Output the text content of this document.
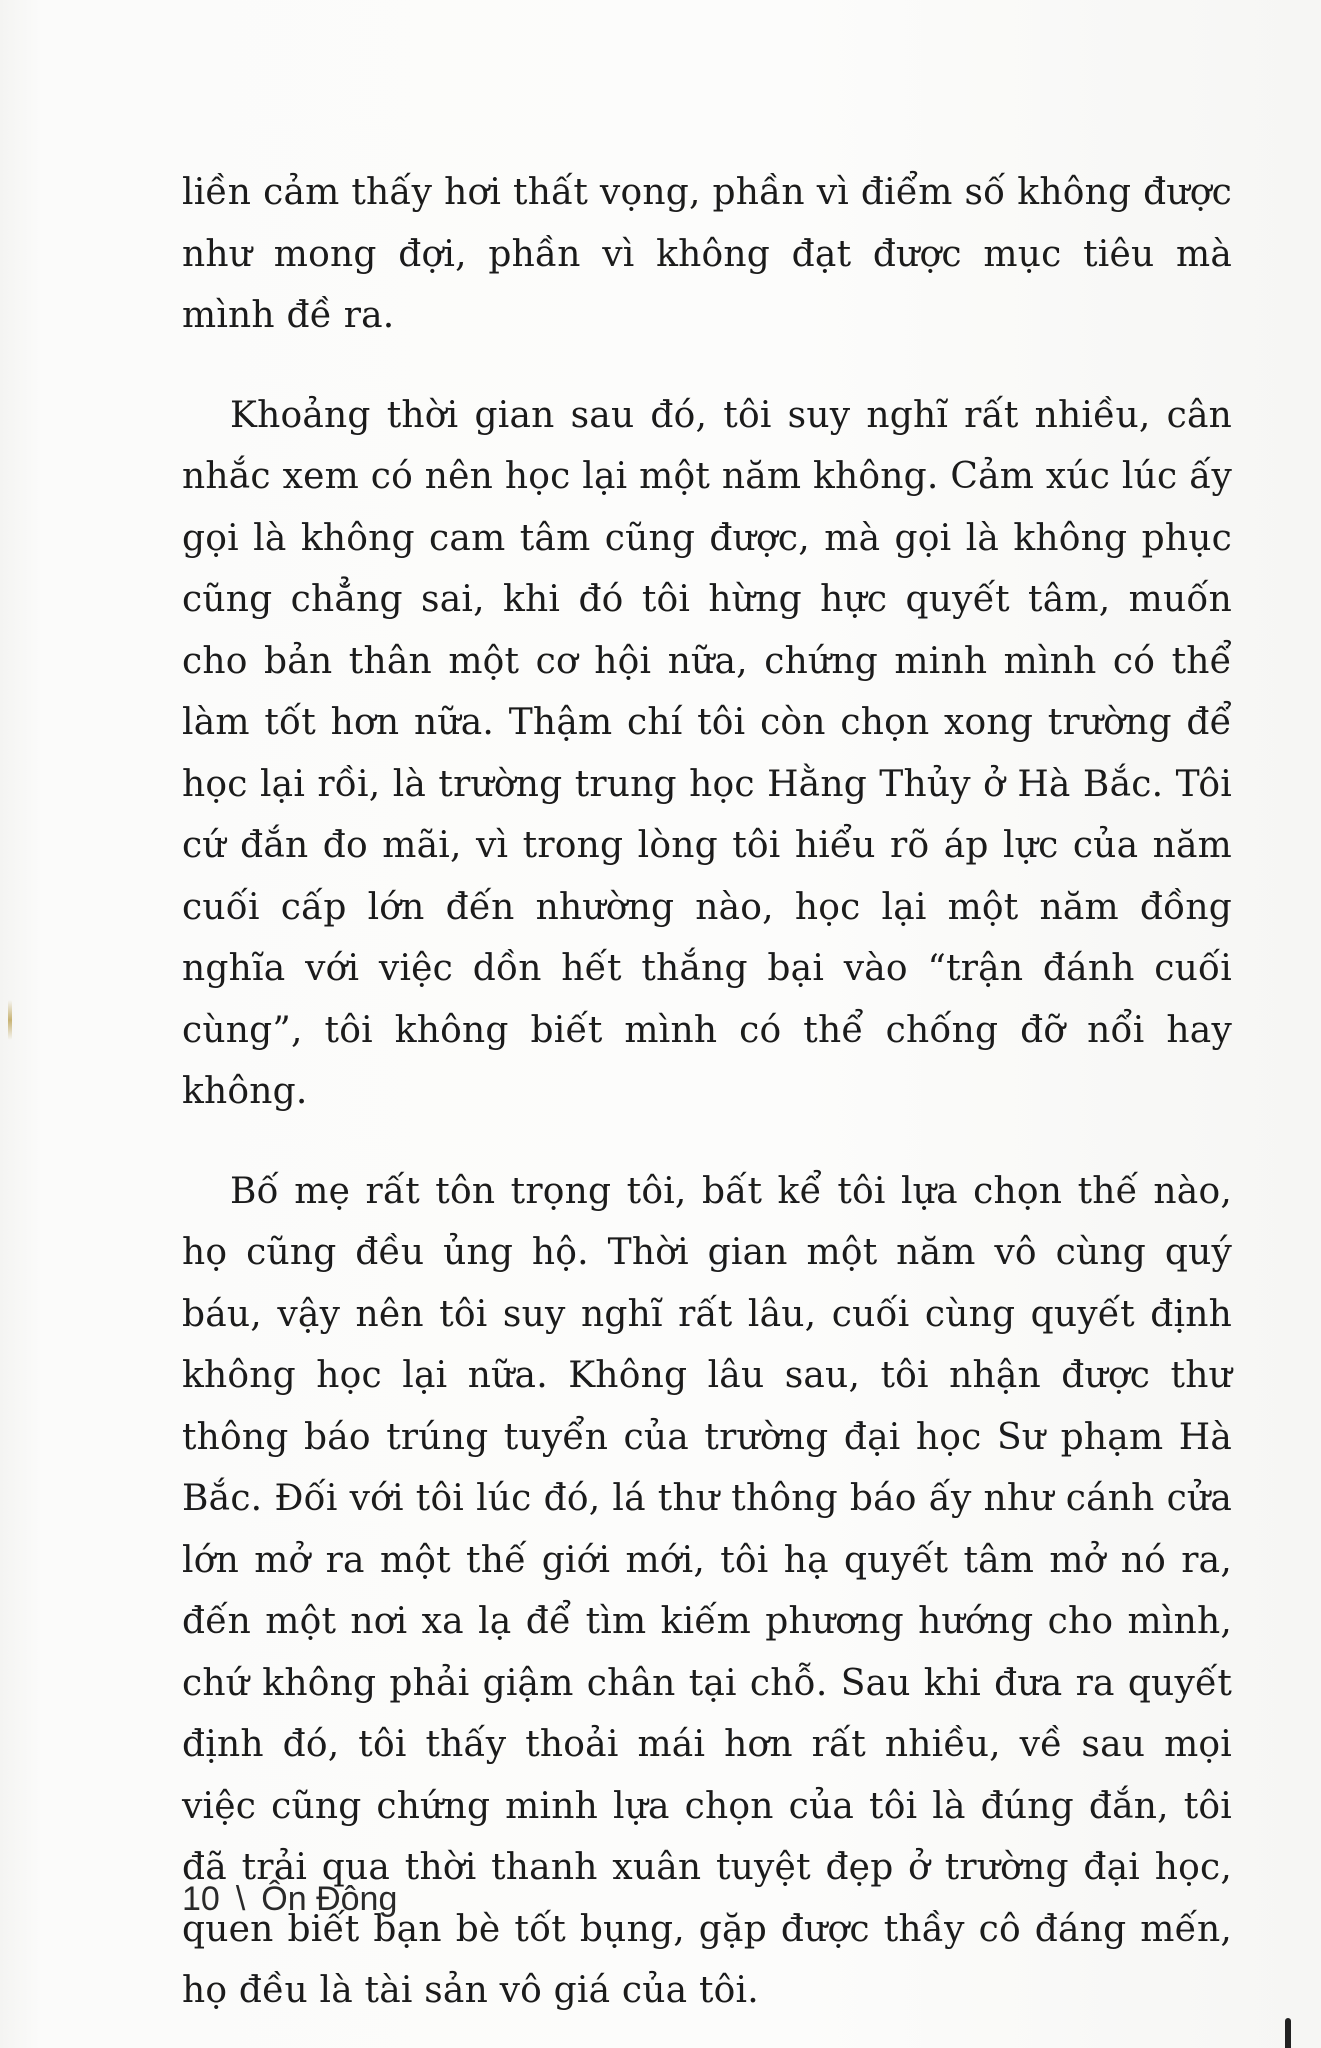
liền cảm thấy hơi thất vọng, phần vì điểm số không được như mong đợi, phần vì không đạt được mục tiêu mà mình đề ra.

Khoảng thời gian sau đó, tôi suy nghĩ rất nhiều, cân nhắc xem có nên học lại một năm không. Cảm xúc lúc ấy gọi là không cam tâm cũng được, mà gọi là không phục cũng chẳng sai, khi đó tôi hừng hực quyết tâm, muốn cho bản thân một cơ hội nữa, chứng minh mình có thể làm tốt hơn nữa. Thậm chí tôi còn chọn xong trường để học lại rồi, là trường trung học Hằng Thủy ở Hà Bắc. Tôi cứ đắn đo mãi, vì trong lòng tôi hiểu rõ áp lực của năm cuối cấp lớn đến nhường nào, học lại một năm đồng nghĩa với việc dồn hết thắng bại vào “trận đánh cuối cùng”, tôi không biết mình có thể chống đỡ nổi hay không.

Bố mẹ rất tôn trọng tôi, bất kể tôi lựa chọn thế nào, họ cũng đều ủng hộ. Thời gian một năm vô cùng quý báu, vậy nên tôi suy nghĩ rất lâu, cuối cùng quyết định không học lại nữa. Không lâu sau, tôi nhận được thư thông báo trúng tuyển của trường đại học Sư phạm Hà Bắc. Đối với tôi lúc đó, lá thư thông báo ấy như cánh cửa lớn mở ra một thế giới mới, tôi hạ quyết tâm mở nó ra, đến một nơi xa lạ để tìm kiếm phương hướng cho mình, chứ không phải giậm chân tại chỗ. Sau khi đưa ra quyết định đó, tôi thấy thoải mái hơn rất nhiều, về sau mọi việc cũng chứng minh lựa chọn của tôi là đúng đắn, tôi đã trải qua thời thanh xuân tuyệt đẹp ở trường đại học, quen biết bạn bè tốt bụng, gặp được thầy cô đáng mến, họ đều là tài sản vô giá của tôi.

10 \ Ôn Đông
